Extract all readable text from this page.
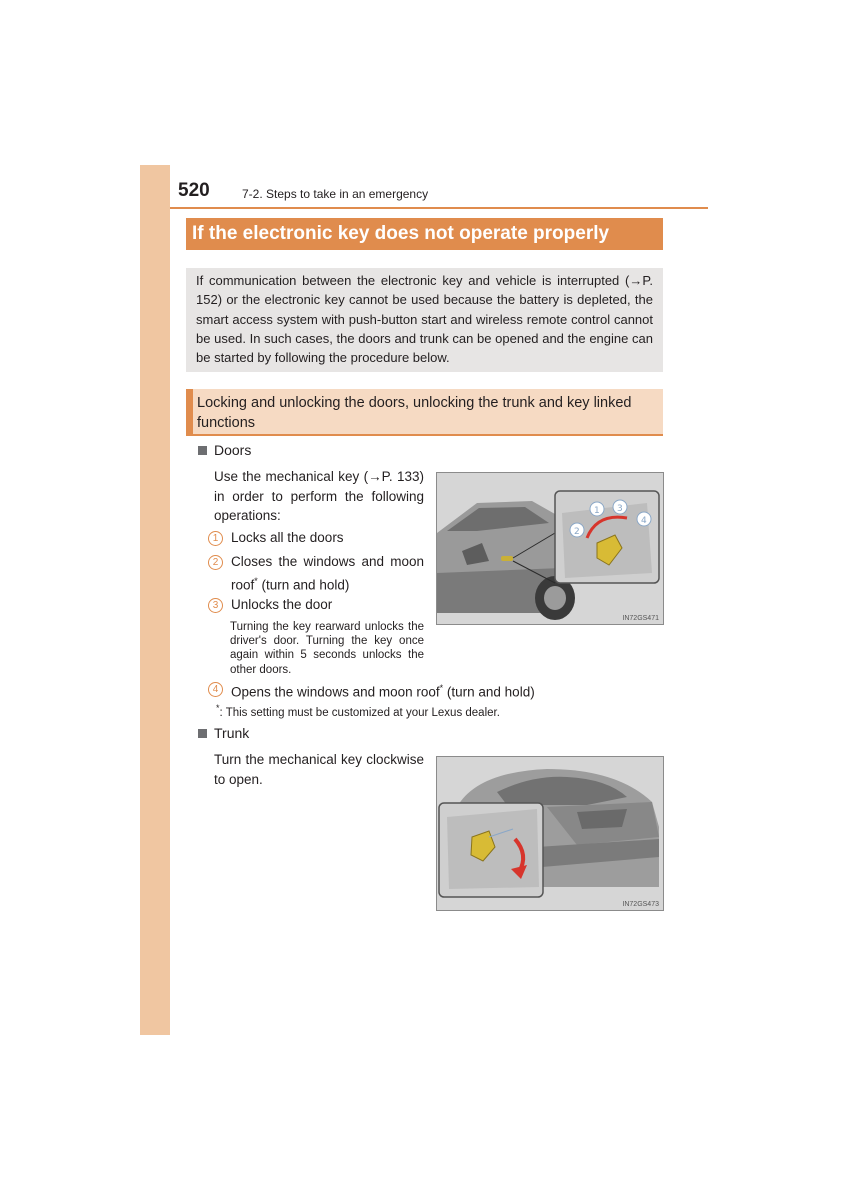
520	7-2. Steps to take in an emergency
If the electronic key does not operate properly
If communication between the electronic key and vehicle is interrupted (→P. 152) or the electronic key cannot be used because the battery is depleted, the smart access system with push-button start and wireless remote control cannot be used. In such cases, the doors and trunk can be opened and the engine can be started by following the procedure below.
Locking and unlocking the doors, unlocking the trunk and key linked functions
Doors
Use the mechanical key (→P. 133) in order to perform the following operations:
1 Locks all the doors
2 Closes the windows and moon roof* (turn and hold)
3 Unlocks the door
Turning the key rearward unlocks the driver's door. Turning the key once again within 5 seconds unlocks the other doors.
4 Opens the windows and moon roof* (turn and hold)
*: This setting must be customized at your Lexus dealer.
1 3
2
4
IN72GS471
Trunk
Turn the mechanical key clockwise to open.
IN72GS473
